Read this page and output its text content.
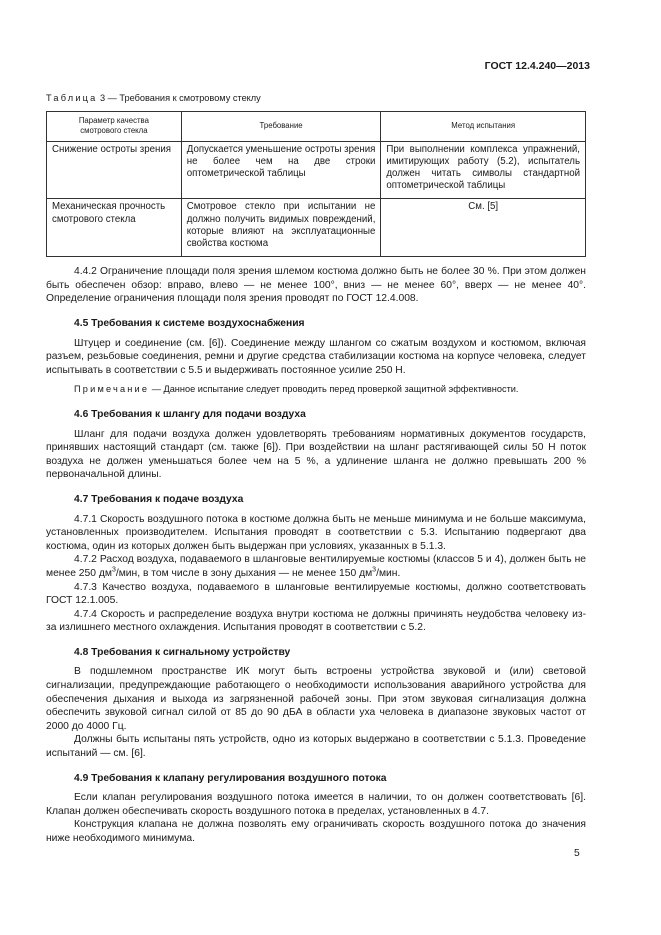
ГОСТ 12.4.240—2013
Таблица 3 — Требования к смотровому стеклу
Параметр качества смотрового стекла	Требование	Метод испытания
Снижение остроты зрения	Допускается уменьшение остроты зрения не более чем на две строки оптометрической таблицы	При выполнении комплекса упражнений, имитирующих работу (5.2), испытатель должен читать символы стандартной оптометрической таблицы
Механическая прочность смотрового стекла	Смотровое стекло при испытании не должно получить видимых повреждений, которые влияют на эксплуатационные свойства костюма	См. [5]

4.4.2 Ограничение площади поля зрения шлемом костюма должно быть не более 30 %. При этом должен быть обеспечен обзор: вправо, влево — не менее 100°, вниз — не менее 60°, вверх — не менее 40°. Определение ограничения площади поля зрения проводят по ГОСТ 12.4.008.

4.5 Требования к системе воздухоснабжения

Штуцер и соединение (см. [6]). Соединение между шлангом со сжатым воздухом и костюмом, включая разъем, резьбовые соединения, ремни и другие средства стабилизации костюма на корпусе человека, следует испытывать в соответствии с 5.5 и выдерживать постоянное усилие 250 Н.

Примечание — Данное испытание следует проводить перед проверкой защитной эффективности.

4.6 Требования к шлангу для подачи воздуха

Шланг для подачи воздуха должен удовлетворять требованиям нормативных документов государств, принявших настоящий стандарт (см. также [6]). При воздействии на шланг растягивающей силы 50 Н поток воздуха не должен уменьшаться более чем на 5 %, а удлинение шланга не должно превышать 200 % первоначальной длины.

4.7 Требования к подаче воздуха

4.7.1 Скорость воздушного потока в костюме должна быть не меньше минимума и не больше максимума, установленных производителем. Испытания проводят в соответствии с 5.3. Испытанию подвергают два костюма, один из которых должен быть выдержан при условиях, указанных в 5.1.3.

4.7.2 Расход воздуха, подаваемого в шланговые вентилируемые костюмы (классов 5 и 4), должен быть не менее 250 $дм^3$/мин, в том числе в зону дыхания — не менее 150 $дм^3$/мин.

4.7.3 Качество воздуха, подаваемого в шланговые вентилируемые костюмы, должно соответствовать ГОСТ 12.1.005.

4.7.4 Скорость и распределение воздуха внутри костюма не должны причинять неудобства человеку из-за излишнего местного охлаждения. Испытания проводят в соответствии с 5.2.

4.8 Требования к сигнальному устройству

В подшлемном пространстве ИК могут быть встроены устройства звуковой и (или) световой сигнализации, предупреждающие работающего о необходимости использования аварийного устройства для обеспечения дыхания и выхода из загрязненной рабочей зоны. При этом звуковая сигнализация должна обеспечить звуковой сигнал силой от 85 до 90 дБА в области уха человека в диапазоне звуковых частот от 2000 до 4000 Гц.

Должны быть испытаны пять устройств, одно из которых выдержано в соответствии с 5.1.3. Проведение испытаний — см. [6].

4.9 Требования к клапану регулирования воздушного потока

Если клапан регулирования воздушного потока имеется в наличии, то он должен соответствовать [6]. Клапан должен обеспечивать скорость воздушного потока в пределах, установленных в 4.7.

Конструкция клапана не должна позволять ему ограничивать скорость воздушного потока до значения ниже необходимого минимума.

5
